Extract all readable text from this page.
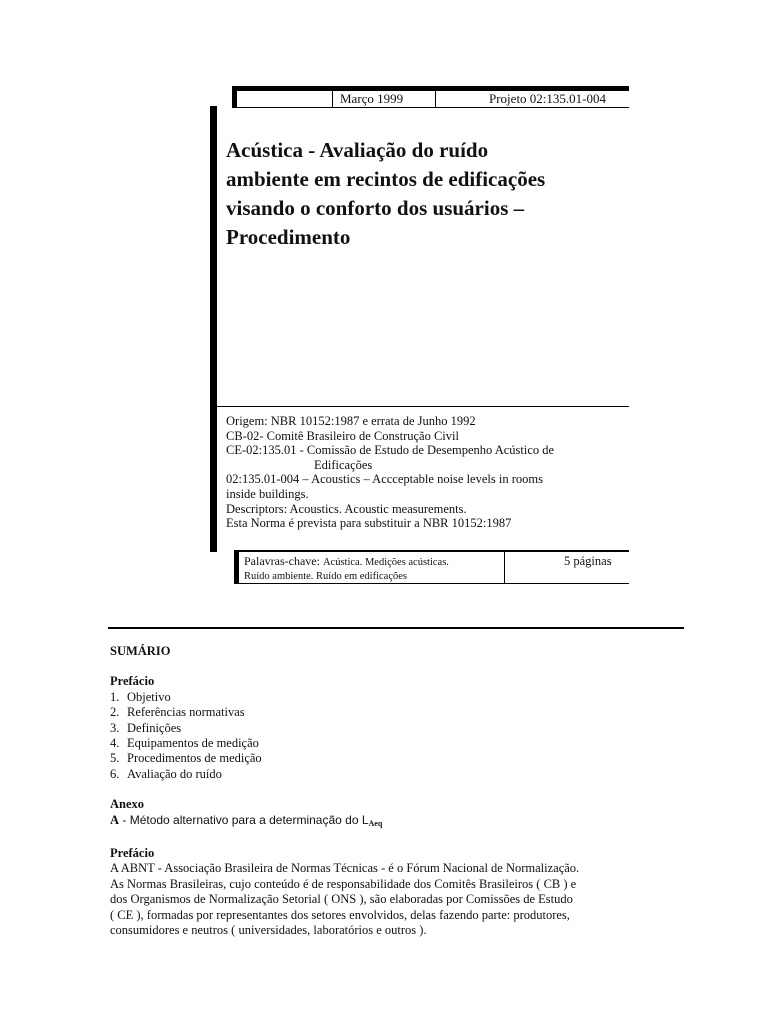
Março 1999	Projeto 02:135.01-004
Acústica - Avaliação do ruído
ambiente em recintos de edificações
visando o conforto dos usuários –
Procedimento
Origem: NBR 10152:1987 e errata de Junho 1992
CB-02- Comitê Brasileiro de Construção Civil
CE-02:135.01 - Comissão de Estudo de Desempenho Acústico de
Edificações
02:135.01-004 – Acoustics – Accceptable noise levels in rooms
inside buildings.
Descriptors: Acoustics. Acoustic measurements.
Esta Norma é prevista para substituir a NBR 10152:1987
Palavras-chave: Acústica. Medições acústicas.
Ruído ambiente. Ruído em edificações
5 páginas
SUMÁRIO
Prefácio
1. Objetivo
2. Referências normativas
3. Definições
4. Equipamentos de medição
5. Procedimentos de medição
6. Avaliação do ruído
Anexo
A - Método alternativo para a determinação do $L_{Aeq}$
Prefácio
A ABNT - Associação Brasileira de Normas Técnicas - é o Fórum Nacional de Normalização.
As Normas Brasileiras, cujo conteúdo é de responsabilidade dos Comitês Brasileiros ( CB ) e
dos Organismos de Normalização Setorial ( ONS ), são elaboradas por Comissões de Estudo
( CE ), formadas por representantes dos setores envolvidos, delas fazendo parte: produtores,
consumidores e neutros ( universidades, laboratórios e outros ).
